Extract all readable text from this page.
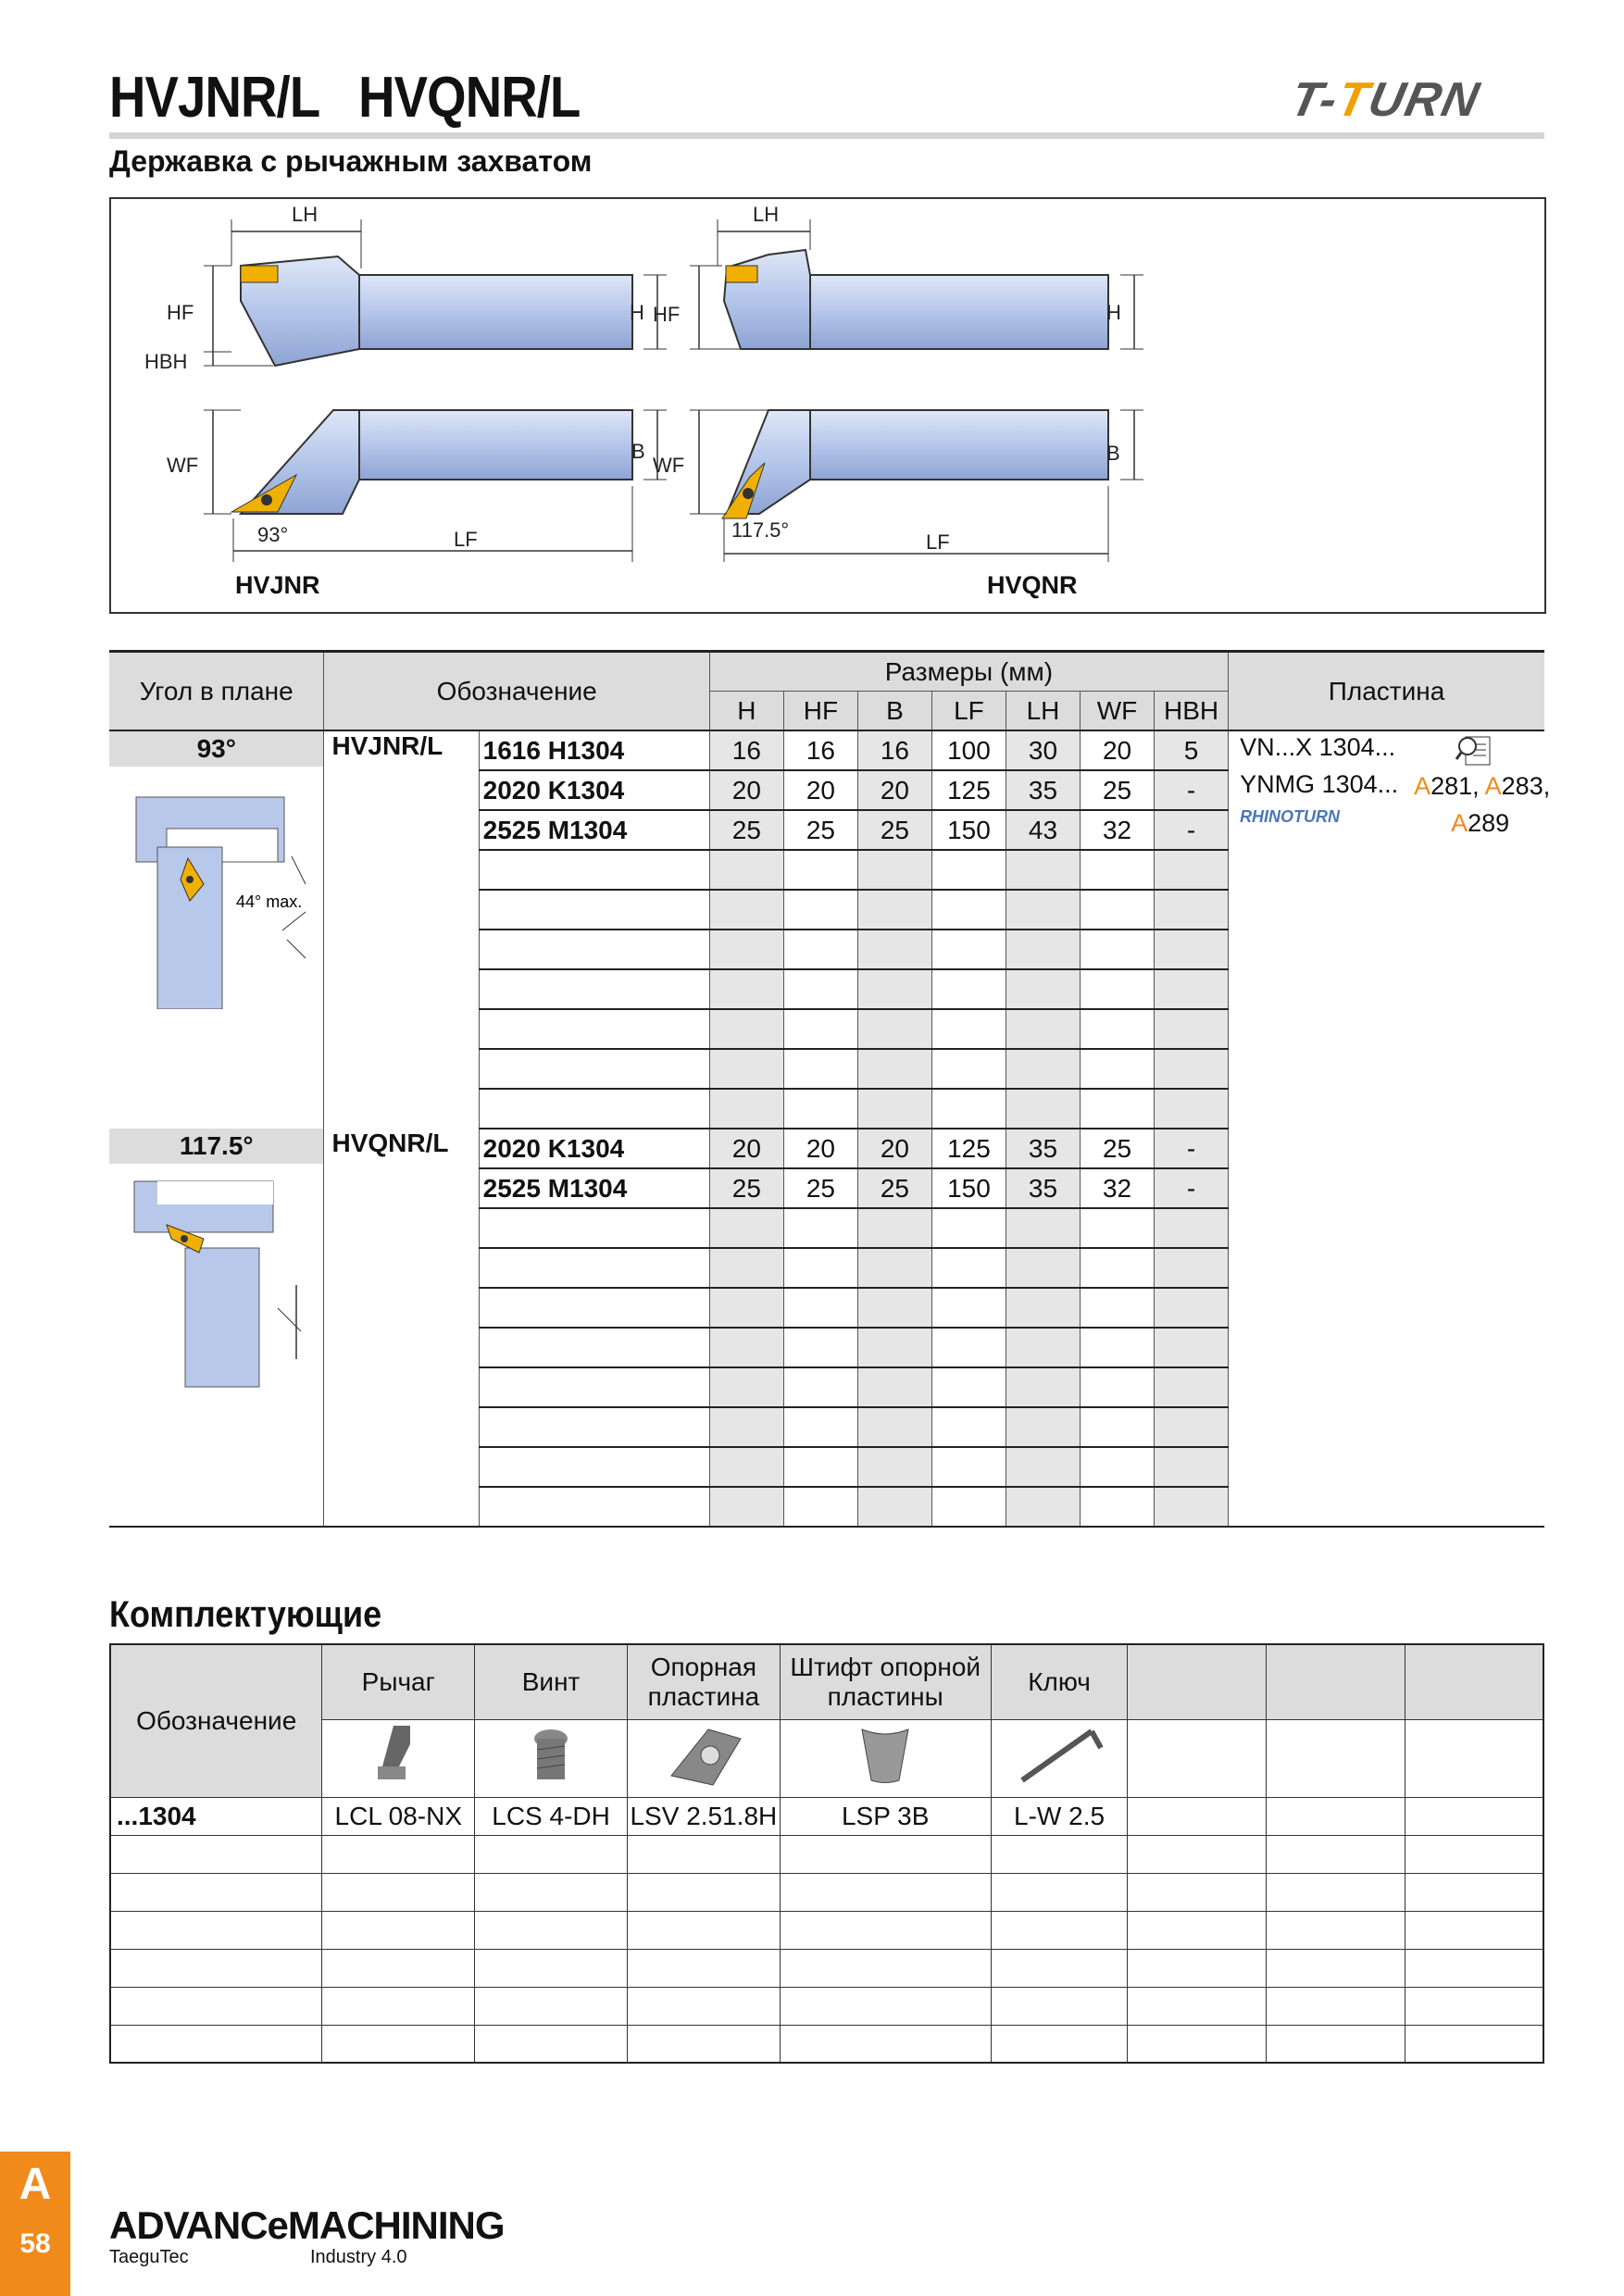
HVJNR/L   HVQNR/L	T-TURN
Державка с рычажным захватом
LH
HF
HBH
H
WF
B
LF
93°
HVJNR
LH
HF	H
WF
B
LF
117.5°
HVQNR
Угол в плане	Обозначение		Размеры (мм)							Пластина
			H	HF	B	LF	LH	WF	HBH	

93°	HVJNR/L	1616 H1304	16	16	16	100	30	20	5	VN...X 1304...
YNMG 1304...
RHINOTURN
A281, A283,
A289

		2020 K1304	20	20	20	125	35	25	-	
		2525 M1304	25	25	25	150	43	32	-	

117.5°	HVQNR/L	2020 K1304	20	20	20	125	35	25	-	
		2525 M1304	25	25	25	150	35	32	-	

44° max.
Комплектующие
Обозначение	Рычаг	Винт	Опорная пластина	Штифт опорной пластины	Ключ			

...1304	LCL 08-NX	LCS 4-DH	LSV 2.51.8H	LSP 3B	L-W 2.5			

A
58	ADVANCeMACHINING
TaeguTec	Industry 4.0
